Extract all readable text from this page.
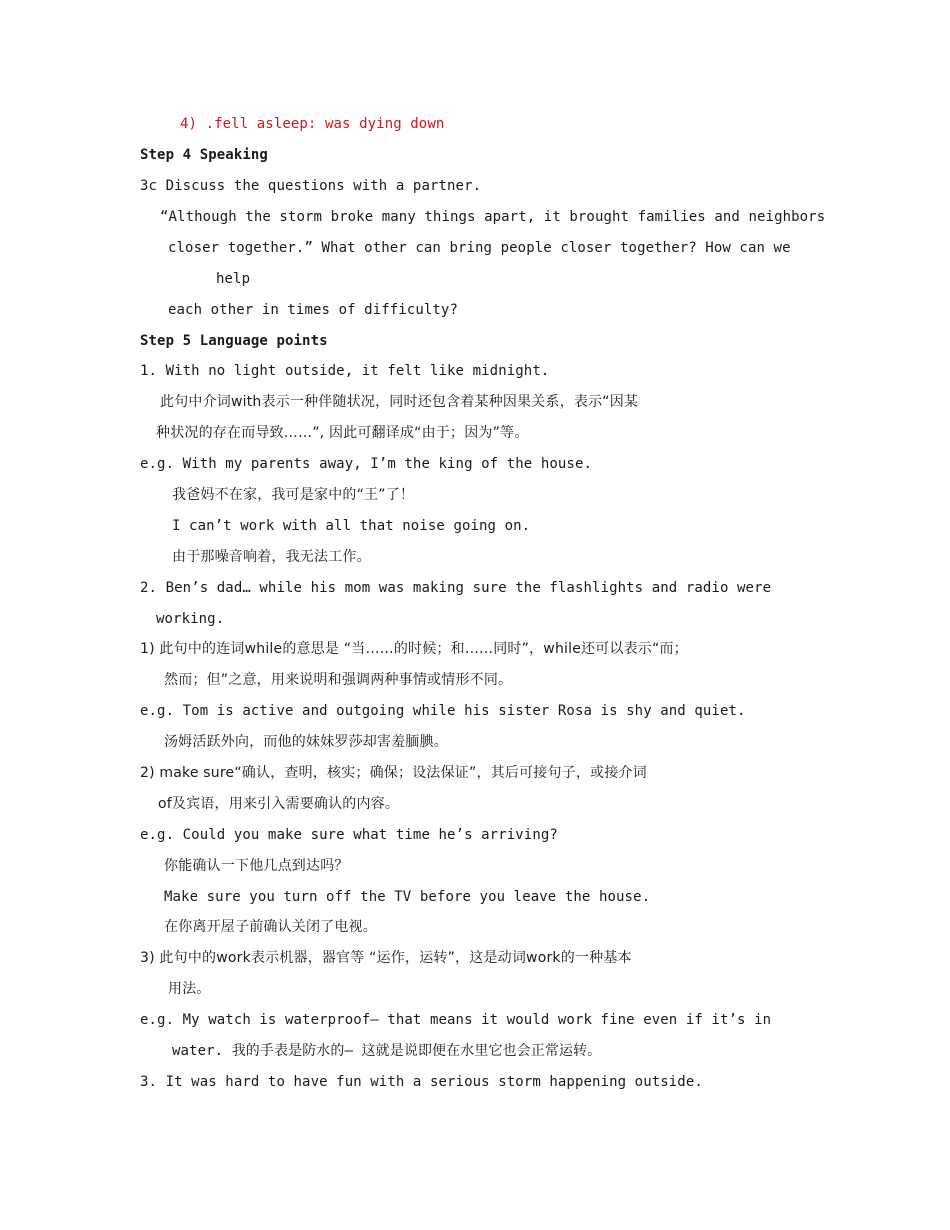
4) .fell asleep: was dying down
Step 4 Speaking
3c Discuss the questions with a partner.
“Although the storm broke many things apart, it brought families and neighbors
closer together.” What other can bring people closer together? How can we
help
each other in times of difficulty?
Step 5 Language points
1. With no light outside, it felt like midnight.
此句中介词with表示一种伴随状况，同时还包含着某种因果关系，表示“因某
种状况的存在而导致……”, 因此可翻译成“由于；因为”等。
e.g. With my parents away, I’m the king of the house.
我爸妈不在家，我可是家中的“王”了！
I can’t work with all that noise going on.
由于那噪音响着，我无法工作。
2. Ben’s dad… while his mom was making sure the flashlights and radio were
working.
1) 此句中的连词while的意思是 “当……的时候；和……同时”，while还可以表示“而；
然而；但”之意，用来说明和强调两种事情或情形不同。
e.g. Tom is active and outgoing while his sister Rosa is shy and quiet.
汤姆活跃外向，而他的妹妹罗莎却害羞腼腆。
2) make sure“确认，查明，核实；确保；设法保证”，其后可接句子，或接介词
of及宾语，用来引入需要确认的内容。
e.g. Could you make sure what time he’s arriving?
你能确认一下他几点到达吗？
Make sure you turn off the TV before you leave the house.
在你离开屋子前确认关闭了电视。
3) 此句中的work表示机器，器官等 “运作，运转”，这是动词work的一种基本
用法。
e.g. My watch is waterproof— that means it would work fine even if it’s in
water. 我的手表是防水的— 这就是说即便在水里它也会正常运转。
3. It was hard to have fun with a serious storm happening outside.
